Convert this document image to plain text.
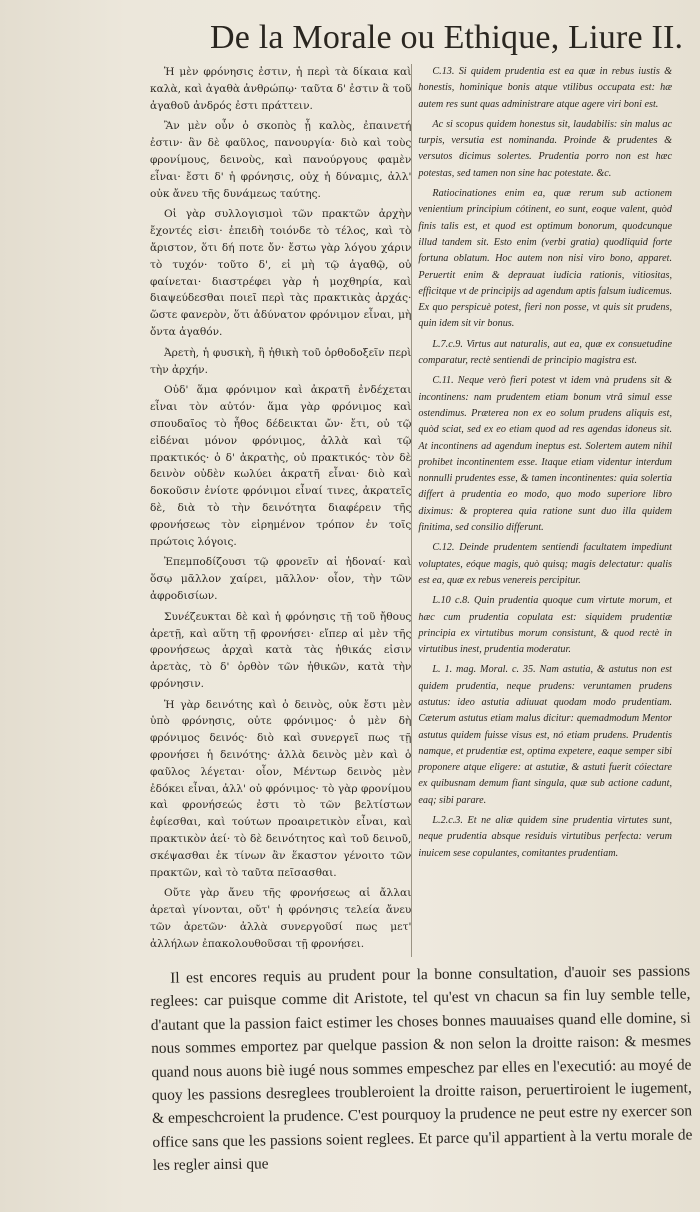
De la Morale ou Ethique, Liure II.

Ἡ μὲν φρόνησις ἐστιν, ἡ περὶ τὰ δίκαια καὶ καλὰ, καὶ ἀγαθὰ ἀνθρώπῳ· ταῦτα δ' ἐστιν ἃ τοῦ ἀγαθοῦ ἀνδρός ἐστι πράττειν.

Ἂν μὲν οὖν ὁ σκοπὸς ᾖ καλὸς, ἐπαινετή ἐστιν· ἂν δὲ φαῦλος, πανουργία· διὸ καὶ τοὺς φρονίμους, δεινοὺς, καὶ πανούργους φαμὲν εἶναι· ἔστι δ' ἡ φρόνησις, οὐχ ἡ δύναμις, ἀλλ' οὐκ ἄνευ τῆς δυνάμεως ταύτης.

Οἱ γὰρ συλλογισμοὶ τῶν πρακτῶν ἀρχὴν ἔχοντές εἰσι· ἐπειδὴ τοιόνδε τὸ τέλος, καὶ τὸ ἄριστον, ὅτι δή ποτε ὄν· ἔστω γὰρ λόγου χάριν τὸ τυχόν· τοῦτο δ', εἰ μὴ τῷ ἀγαθῷ, οὐ φαίνεται· διαστρέφει γὰρ ἡ μοχθηρία, καὶ διαψεύδεσθαι ποιεῖ περὶ τὰς πρακτικὰς ἀρχάς· ὥστε φανερὸν, ὅτι ἀδύνατον φρόνιμον εἶναι, μὴ ὄντα ἀγαθόν.

Ἀρετὴ, ἡ φυσικὴ, ἢ ἠθικὴ τοῦ ὀρθοδοξεῖν περὶ τὴν ἀρχήν.

Οὐδ' ἅμα φρόνιμον καὶ ἀκρατῆ ἐνδέχεται εἶναι τὸν αὐτόν· ἅμα γὰρ φρόνιμος καὶ σπουδαῖος τὸ ἦθος δέδεικται ὤν· ἔτι, οὐ τῷ εἰδέναι μόνον φρόνιμος, ἀλλὰ καὶ τῷ πρακτικός· ὁ δ' ἀκρατὴς, οὐ πρακτικός· τὸν δὲ δεινὸν οὐδὲν κωλύει ἀκρατῆ εἶναι· διὸ καὶ δοκοῦσιν ἐνίοτε φρόνιμοι εἶναί τινες, ἀκρατεῖς δὲ, διὰ τὸ τὴν δεινότητα διαφέρειν τῆς φρονήσεως τὸν εἰρημένον τρόπον ἐν τοῖς πρώτοις λόγοις.

Ἐπεμποδίζουσι τῷ φρονεῖν αἱ ἡδοναί· καὶ ὅσῳ μᾶλλον χαίρει, μᾶλλον· οἷον, τὴν τῶν ἀφροδισίων.

Συνέζευκται δὲ καὶ ἡ φρόνησις τῇ τοῦ ἤθους ἀρετῇ, καὶ αὕτη τῇ φρονήσει· εἴπερ αἱ μὲν τῆς φρονήσεως ἀρχαὶ κατὰ τὰς ἠθικάς εἰσιν ἀρετὰς, τὸ δ' ὀρθὸν τῶν ἠθικῶν, κατὰ τὴν φρόνησιν.

Ἡ γὰρ δεινότης καὶ ὁ δεινὸς, οὐκ ἔστι μὲν ὑπὸ φρόνησις, οὐτε φρόνιμος· ὁ μὲν δὴ φρόνιμος δεινός· διὸ καὶ συνεργεῖ πως τῇ φρονήσει ἡ δεινότης· ἀλλὰ δεινὸς μὲν καὶ ὁ φαῦλος λέγεται· οἷον, Μέντωρ δεινὸς μὲν ἐδόκει εἶναι, ἀλλ' οὐ φρόνιμος· τὸ γὰρ φρονίμου καὶ φρονήσεώς ἐστι τὸ τῶν βελτίστων ἐφίεσθαι, καὶ τούτων προαιρετικὸν εἶναι, καὶ πρακτικὸν ἀεί· τὸ δὲ δεινότητος καὶ τοῦ δεινοῦ, σκέψασθαι ἐκ τίνων ἂν ἕκαστον γένοιτο τῶν πρακτῶν, καὶ τὸ ταῦτα πεῖσασθαι.

Οὔτε γὰρ ἄνευ τῆς φρονήσεως αἱ ἄλλαι ἀρεταὶ γίνονται, οὔτ' ἡ φρόνησις τελεία ἄνευ τῶν ἀρετῶν· ἀλλὰ συνεργοῦσί πως μετ' ἀλλήλων ἐπακολουθοῦσαι τῇ φρονήσει.

C.13. Si quidem prudentia est ea quæ in rebus iustis & honestis, hominique bonis atque vtilibus occupata est: hæ autem res sunt quas administrare atque agere viri boni est.

Ac si scopus quidem honestus sit, laudabilis: sin malus ac turpis, versutia est nominanda. Proinde & prudentes & versutos dicimus solertes. Prudentia porro non est hæc potestas, sed tamen non sine hac potestate. &c.

Ratiocinationes enim ea, quæ rerum sub actionem venientium principium cótinent, eo sunt, eoque valent, quòd finis talis est, et quod est optimum bonorum, quodcunque illud tandem sit. Esto enim (verbi gratia) quodliquid forte fortuna oblatum. Hoc autem non nisi viro bono, apparet. Peruertit enim & deprauat iudicia rationis, vitiositas, efficitque vt de principijs ad agendum aptis falsum iudicemus. Ex quo perspicuè potest, fieri non posse, vt quis sit prudens, quin idem sit vir bonus.

L.7.c.9. Virtus aut naturalis, aut ea, quæ ex consuetudine comparatur, rectè sentiendi de principio magistra est.

C.11. Neque verò fieri potest vt idem vnà prudens sit & incontinens: nam prudentem etiam bonum vtrâ simul esse ostendimus. Præterea non ex eo solum prudens aliquis est, quòd sciat, sed ex eo etiam quod ad res agendas idoneus sit. At incontinens ad agendum ineptus est. Solertem autem nihil prohibet incontinentem esse. Itaque etiam videntur interdum nonnulli prudentes esse, & tamen incontinentes: quia solertia differt à prudentia eo modo, quo modo superiore libro diximus: & propterea quia ratione sunt duo illa quidem finitima, sed consilio differunt.

C.12. Deinde prudentem sentiendi facultatem impediunt voluptates, eóque magis, quò quisq; magis delectatur: qualis est ea, quæ ex rebus venereis percipitur.

L.10 c.8. Quin prudentia quoque cum virtute morum, et hæc cum prudentia copulata est: siquidem prudentiæ principia ex virtutibus morum consistunt, & quod rectè in virtutibus inest, prudentia moderatur.

L. 1. mag. Moral. c. 35. Nam astutia, & astutus non est quidem prudentia, neque prudens: veruntamen prudens astutus: ideo astutia adiuuat quodam modo prudentiam. Cæterum astutus etiam malus dicitur: quemadmodum Mentor astutus quidem fuisse visus est, nó etiam prudens. Prudentis namque, et prudentiæ est, optima expetere, eaque semper sibi proponere atque eligere: at astutiæ, & astuti fuerit cóiectare ex quibusnam demum fiant singula, quæ sub actione cadunt, eaq; sibi parare.

L.2.c.3. Et ne aliæ quidem sine prudentia virtutes sunt, neque prudentia absque residuis virtutibus perfecta: verum inuicem sese copulantes, comitantes prudentiam.

Il est encores requis au prudent pour la bonne consultation, d'auoir ses passions reglees: car puisque comme dit Aristote, tel qu'est vn chacun sa fin luy semble telle, d'autant que la passion faict estimer les choses bonnes mauuaises quand elle domine, si nous sommes emportez par quelque passion & non selon la droitte raison: & mesmes quand nous auons biè iugé nous sommes empeschez par elles en l'executió: au moyé de quoy les passions desreglees troubleroient la droitte raison, peruertiroient le iugement, & empeschcroient la prudence. C'est pourquoy la prudence ne peut estre ny exercer son office sans que les passions soient reglees. Et parce qu'il appartient à la vertu morale de les regler ainsi que
